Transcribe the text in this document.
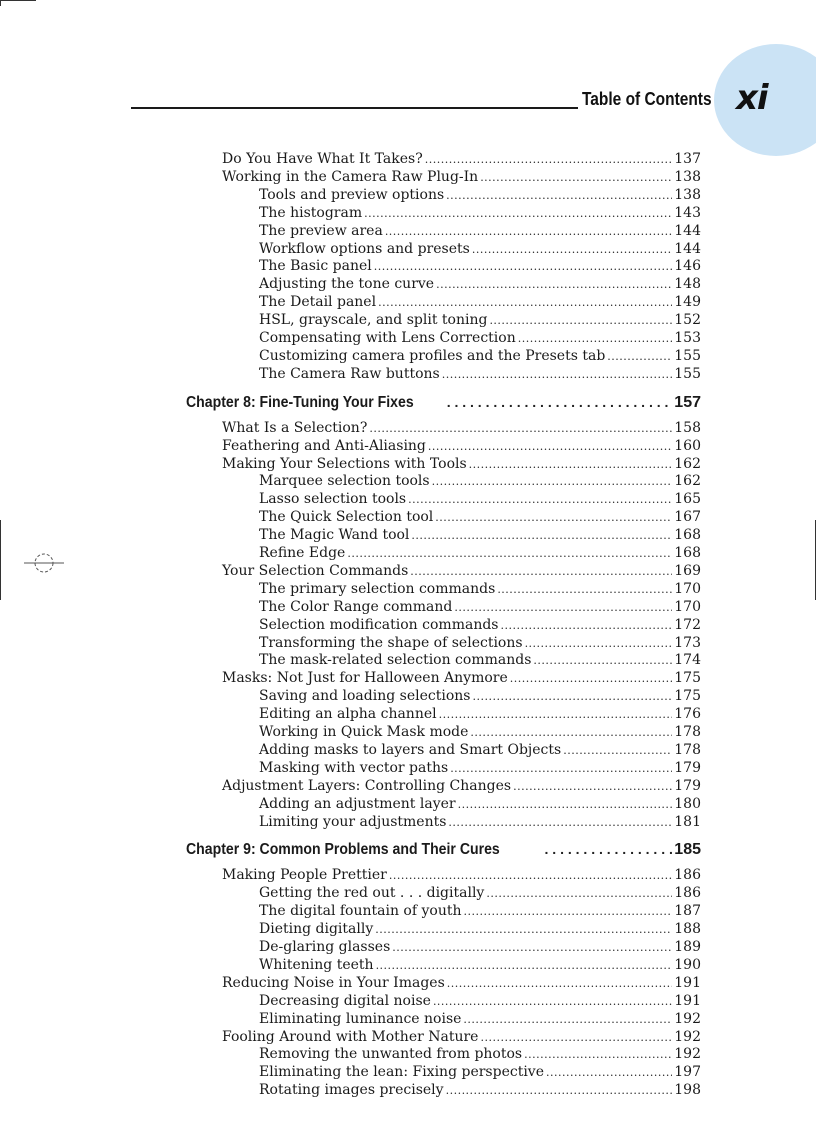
xi
Table of Contents
Do You Have What It Takes? .....	137
Working in the Camera Raw Plug-In .....	138
Tools and preview options .....	138
The histogram .....	143
The preview area .....	144
Workflow options and presets .....	144
The Basic panel .....	146
Adjusting the tone curve .....	148
The Detail panel .....	149
HSL, grayscale, and split toning .....	152
Compensating with Lens Correction .....	153
Customizing camera profiles and the Presets tab .....	155
The Camera Raw buttons .....	155
Chapter 8: Fine-Tuning Your Fixes . . .	157
What Is a Selection? .....	158
Feathering and Anti-Aliasing .....	160
Making Your Selections with Tools .....	162
Marquee selection tools .....	162
Lasso selection tools .....	165
The Quick Selection tool .....	167
The Magic Wand tool .....	168
Refine Edge .....	168
Your Selection Commands .....	169
The primary selection commands .....	170
The Color Range command .....	170
Selection modification commands .....	172
Transforming the shape of selections .....	173
The mask-related selection commands .....	174
Masks: Not Just for Halloween Anymore .....	175
Saving and loading selections .....	175
Editing an alpha channel .....	176
Working in Quick Mask mode .....	178
Adding masks to layers and Smart Objects .....	178
Masking with vector paths .....	179
Adjustment Layers: Controlling Changes .....	179
Adding an adjustment layer .....	180
Limiting your adjustments .....	181
Chapter 9: Common Problems and Their Cures . . .	185
Making People Prettier .....	186
Getting the red out . . . digitally .....	186
The digital fountain of youth .....	187
Dieting digitally .....	188
De-glaring glasses .....	189
Whitening teeth .....	190
Reducing Noise in Your Images .....	191
Decreasing digital noise .....	191
Eliminating luminance noise .....	192
Fooling Around with Mother Nature .....	192
Removing the unwanted from photos .....	192
Eliminating the lean: Fixing perspective .....	197
Rotating images precisely .....	198
